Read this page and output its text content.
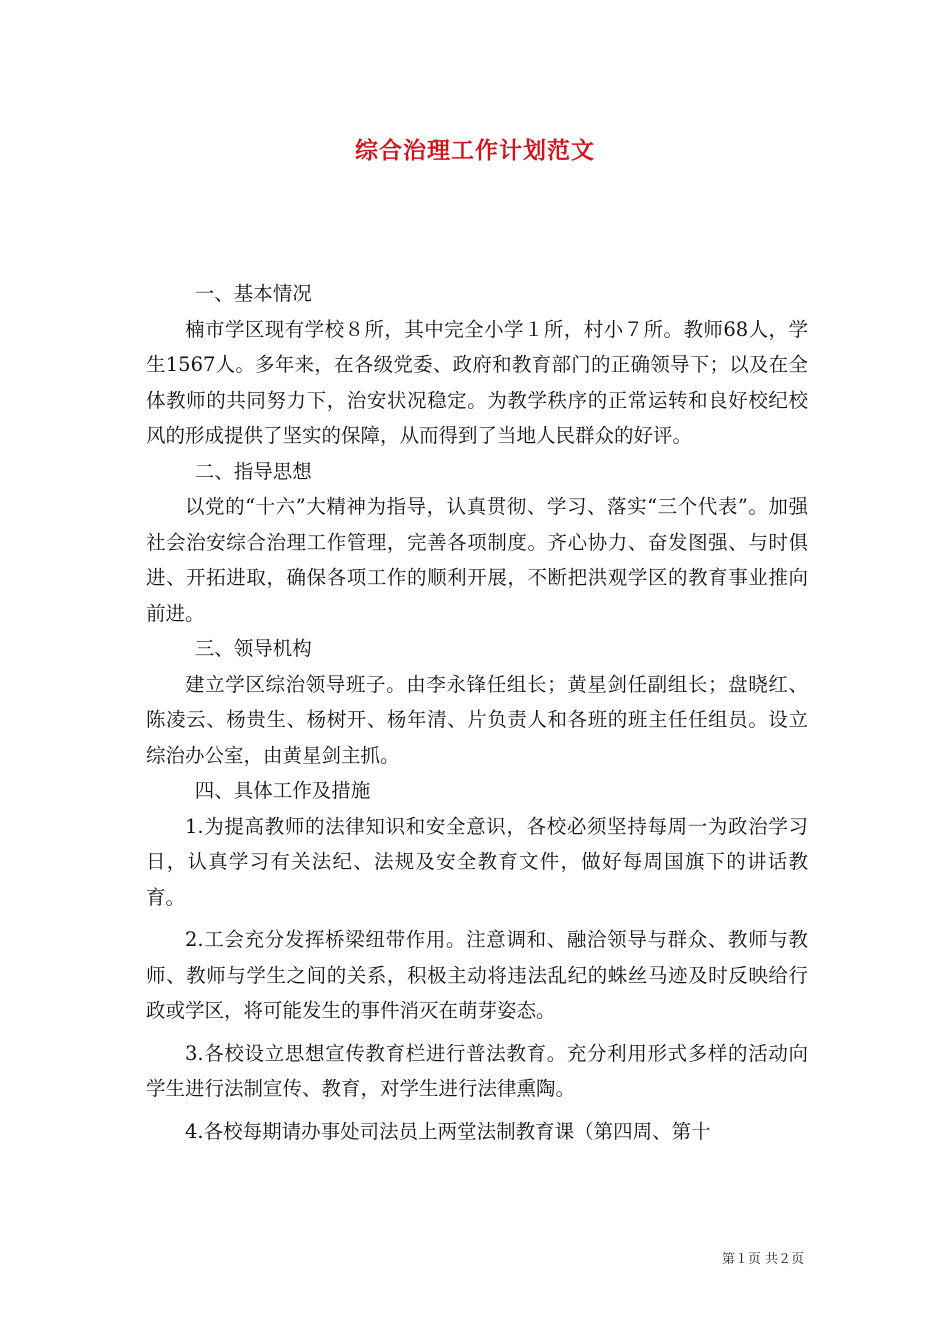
综合治理工作计划范文

一、基本情况

楠市学区现有学校８所，其中完全小学１所，村小７所。教师68人，学生1567人。多年来，在各级党委、政府和教育部门的正确领导下；以及在全体教师的共同努力下，治安状况稳定。为教学秩序的正常运转和良好校纪校风的形成提供了坚实的保障，从而得到了当地人民群众的好评。

二、指导思想

以党的“十六”大精神为指导，认真贯彻、学习、落实“三个代表”。加强社会治安综合治理工作管理，完善各项制度。齐心协力、奋发图强、与时俱进、开拓进取，确保各项工作的顺利开展，不断把洪观学区的教育事业推向前进。

三、领导机构

建立学区综治领导班子。由李永锋任组长；黄星剑任副组长；盘晓红、陈凌云、杨贵生、杨树开、杨年清、片负责人和各班的班主任任组员。设立综治办公室，由黄星剑主抓。

四、具体工作及措施

1.为提高教师的法律知识和安全意识，各校必须坚持每周一为政治学习日，认真学习有关法纪、法规及安全教育文件，做好每周国旗下的讲话教育。

2.工会充分发挥桥梁纽带作用。注意调和、融洽领导与群众、教师与教师、教师与学生之间的关系，积极主动将违法乱纪的蛛丝马迹及时反映给行政或学区，将可能发生的事件消灭在萌芽姿态。

3.各校设立思想宣传教育栏进行普法教育。充分利用形式多样的活动向学生进行法制宣传、教育，对学生进行法律熏陶。

4.各校每期请办事处司法员上两堂法制教育课（第四周、第十

第１页 共２页
